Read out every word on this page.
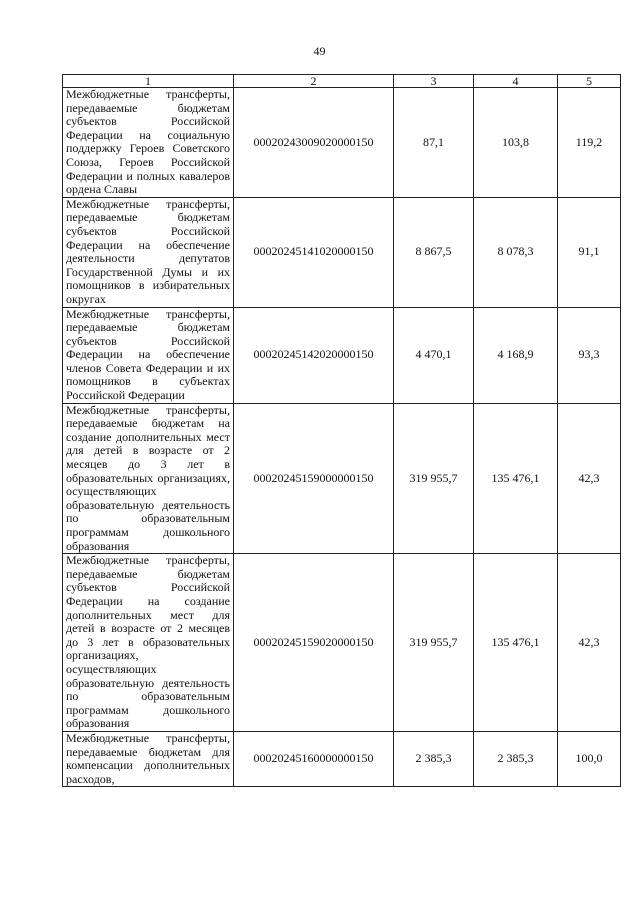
49
1	2	3	4	5
Межбюджетные трансферты, передаваемые бюджетам субъектов Российской Федерации на социальную поддержку Героев Советского Союза, Героев Российской Федерации и полных кавалеров ордена Славы	00020243009020000150	87,1	103,8	119,2
Межбюджетные трансферты, передаваемые бюджетам субъектов Российской Федерации на обеспечение деятельности депутатов Государственной Думы и их помощников в избирательных округах	00020245141020000150	8 867,5	8 078,3	91,1
Межбюджетные трансферты, передаваемые бюджетам субъектов Российской Федерации на обеспечение членов Совета Федерации и их помощников в субъектах Российской Федерации	00020245142020000150	4 470,1	4 168,9	93,3
Межбюджетные трансферты, передаваемые бюджетам на создание дополнительных мест для детей в возрасте от 2 месяцев до 3 лет в образовательных организациях, осуществляющих образовательную деятельность по образовательным программам дошкольного образования	00020245159000000150	319 955,7	135 476,1	42,3
Межбюджетные трансферты, передаваемые бюджетам субъектов Российской Федерации на создание дополнительных мест для детей в возрасте от 2 месяцев до 3 лет в образовательных организациях, осуществляющих образовательную деятельность по образовательным программам дошкольного образования	00020245159020000150	319 955,7	135 476,1	42,3
Межбюджетные трансферты, передаваемые бюджетам для компенсации дополнительных расходов,	00020245160000000150	2 385,3	2 385,3	100,0
